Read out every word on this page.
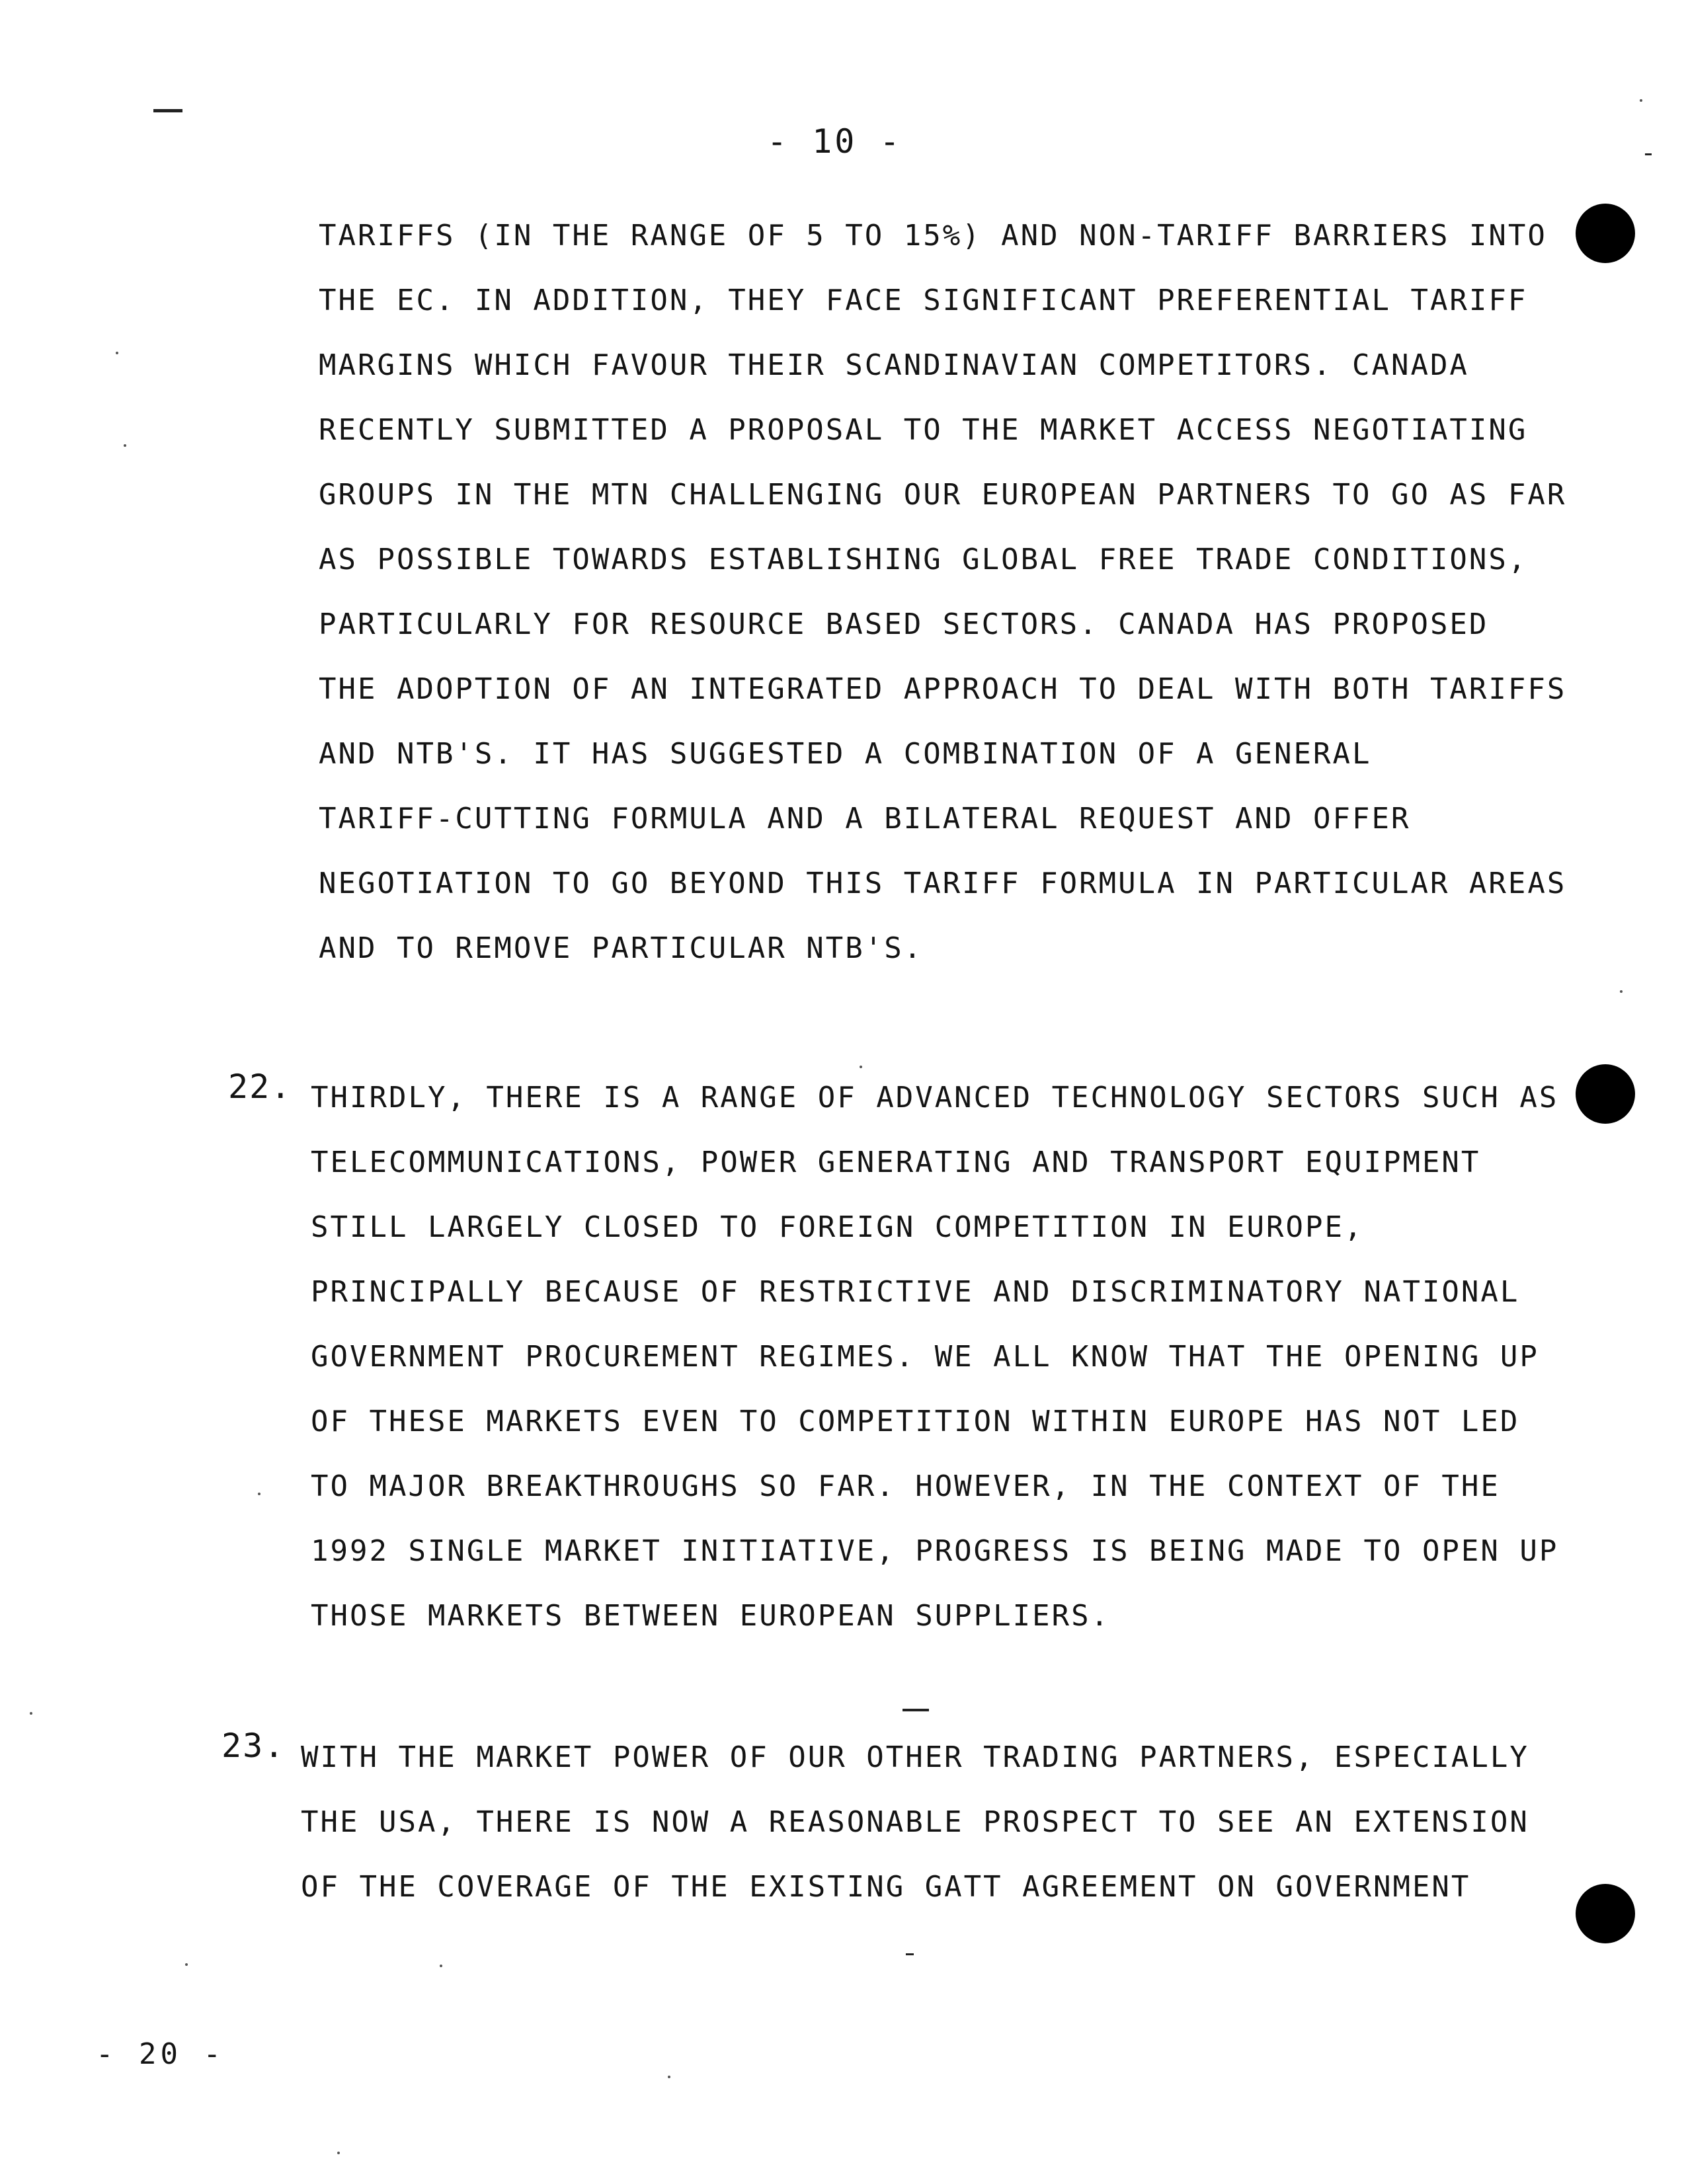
- 10 -
TARIFFS (IN THE RANGE OF 5 TO 15%) AND NON-TARIFF BARRIERS INTO
THE EC. IN ADDITION, THEY FACE SIGNIFICANT PREFERENTIAL TARIFF
MARGINS WHICH FAVOUR THEIR SCANDINAVIAN COMPETITORS. CANADA
RECENTLY SUBMITTED A PROPOSAL TO THE MARKET ACCESS NEGOTIATING
GROUPS IN THE MTN CHALLENGING OUR EUROPEAN PARTNERS TO GO AS FAR
AS POSSIBLE TOWARDS ESTABLISHING GLOBAL FREE TRADE CONDITIONS,
PARTICULARLY FOR RESOURCE BASED SECTORS. CANADA HAS PROPOSED
THE ADOPTION OF AN INTEGRATED APPROACH TO DEAL WITH BOTH TARIFFS
AND NTB'S. IT HAS SUGGESTED A COMBINATION OF A GENERAL
TARIFF-CUTTING FORMULA AND A BILATERAL REQUEST AND OFFER
NEGOTIATION TO GO BEYOND THIS TARIFF FORMULA IN PARTICULAR AREAS
AND TO REMOVE PARTICULAR NTB'S.
22. THIRDLY, THERE IS A RANGE OF ADVANCED TECHNOLOGY SECTORS SUCH AS
TELECOMMUNICATIONS, POWER GENERATING AND TRANSPORT EQUIPMENT
STILL LARGELY CLOSED TO FOREIGN COMPETITION IN EUROPE,
PRINCIPALLY BECAUSE OF RESTRICTIVE AND DISCRIMINATORY NATIONAL
GOVERNMENT PROCUREMENT REGIMES. WE ALL KNOW THAT THE OPENING UP
OF THESE MARKETS EVEN TO COMPETITION WITHIN EUROPE HAS NOT LED
TO MAJOR BREAKTHROUGHS SO FAR. HOWEVER, IN THE CONTEXT OF THE
1992 SINGLE MARKET INITIATIVE, PROGRESS IS BEING MADE TO OPEN UP
THOSE MARKETS BETWEEN EUROPEAN SUPPLIERS.
23. WITH THE MARKET POWER OF OUR OTHER TRADING PARTNERS, ESPECIALLY
THE USA, THERE IS NOW A REASONABLE PROSPECT TO SEE AN EXTENSION
OF THE COVERAGE OF THE EXISTING GATT AGREEMENT ON GOVERNMENT
- 20 -
